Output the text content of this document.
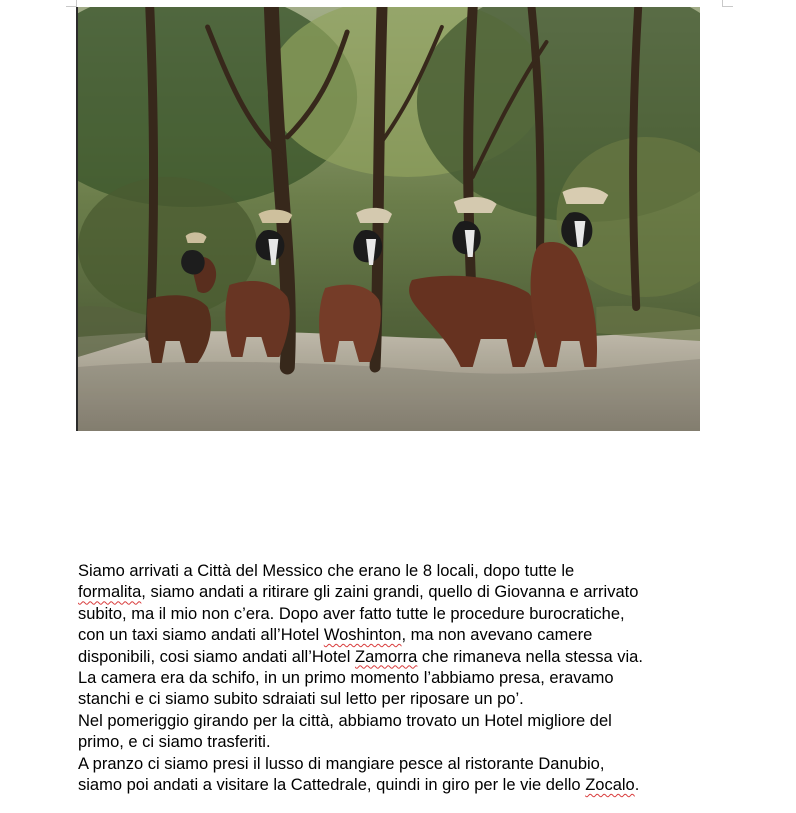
Siamo arrivati a Città del Messico che erano le 8 locali, dopo tutte le

formalita, siamo andati a ritirare gli zaini grandi, quello di Giovanna e arrivato

subito, ma il mio non c’era. Dopo aver fatto tutte le procedure burocratiche,

con un taxi siamo andati all’Hotel Woshinton, ma non avevano camere

disponibili, cosi siamo andati all’Hotel Zamorra che rimaneva nella stessa via.

La camera era da schifo, in un primo momento l’abbiamo presa, eravamo

stanchi e ci siamo subito sdraiati sul letto per riposare un po’.

Nel pomeriggio girando per la città, abbiamo trovato un Hotel migliore del

primo, e ci siamo trasferiti.

A pranzo ci siamo presi il lusso di mangiare pesce al ristorante Danubio,

siamo poi andati a visitare la Cattedrale, quindi in giro per le vie dello Zocalo.
